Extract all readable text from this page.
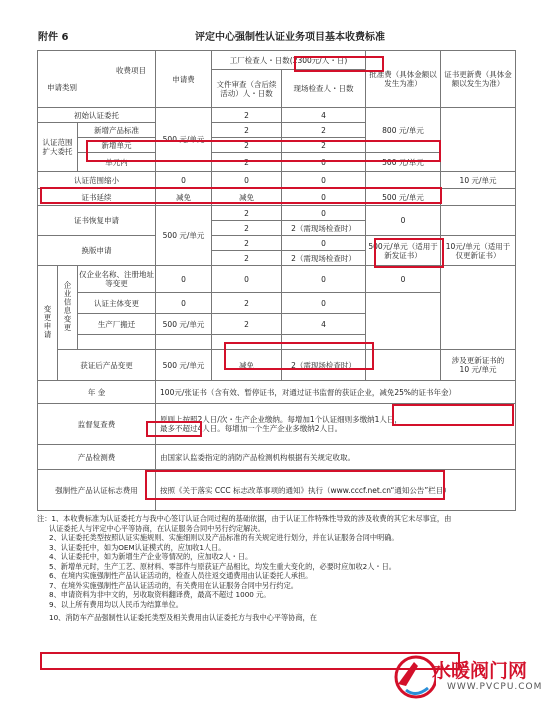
附件 6	评定中心强制性认证业务项目基本收费标准
收费项目
申请类别			申请费	工厂检查人・日数(2300元/人・日)		批准费（具体金额以发生为准）	证书更新费（具体金额以发生为准）
				文件审查（含后续活动）人・日数	现场检查人・日数		
初始认证委托			500 元/单元	2	4	800 元/单元	
认证范围扩大委托		新增产品标准		2	2		
		新增单元		2	2		
		单元内		2	0	500 元/单元	
认证范围缩小			0	0	0		10 元/单元
证书延续			减免	减免	0	500 元/单元	
证书恢复申请			500 元/单元	2	0	0	
				2	2（需现场检查时）		
换版申请				2	0	500元/单元（适用于新发证书）	10元/单元（适用于仅更新证书）
				2	2（需现场检查时）		
变更申请	企业信息变更	仅企业名称、注册地址等变更	0	0	0	0	
		认证主体变更	0	2	0		
		生产厂搬迁	500 元/单元	2	4		

	获证后产品变更		500 元/单元	减免	2（需现场检查时）		涉及更新证书的
10 元/单元

年 金			100元/张证书（含有效、暂停证书，对通过证书监督的获证企业，减免25%的证书年金）				
监督复查费			原则上按照2人日/次・生产企业缴纳。每增加1个认证细则多缴纳1人日，
最多不超过4人日。每增加一个生产企业多缴纳2人日。				

产品检测费			由国家认监委指定的消防产品检测机构根据有关规定收取。				
强制性产品认证标志费用			按照《关于落实 CCC 标志改革事项的通知》执行（www.cccf.net.cn“通知公告”栏目）				
注：1、本收费标准为认证委托方与我中心签订认证合同过程的基础依据，由于认证工作特殊性导致的涉及收费的其它未尽事宜，由
认证委托人与评定中心平等协商，在认证服务合同中另行约定解决。
2、认证委托类型按照认证实施规则、实施细则以及产品标准的有关规定进行划分，并在认证服务合同中明确。
3、认证委托中，如为OEM认证模式的，应加收1人日。
4、认证委托中，如为新增生产企业等情况的，应加收2人・日。
5、新增单元时，生产工艺、原材料、零部件与原获证产品相比，均发生重大变化的，必要时应加收2人・日。
6、在境内实施强制性产品认证活动的，检查人员往返交通费用由认证委托人承担。
7、在境外实施强制性产品认证活动的，有关费用在认证服务合同中另行约定。
8、申请资料为非中文的，另收取资料翻译费，最高不超过 1000 元。
9、以上所有费用均以人民币为结算单位。
10、消防车产品强制性认证委托类型及相关费用由认证委托方与我中心平等协商，在
水暖阀门网
WWW.PVCPU.COM
